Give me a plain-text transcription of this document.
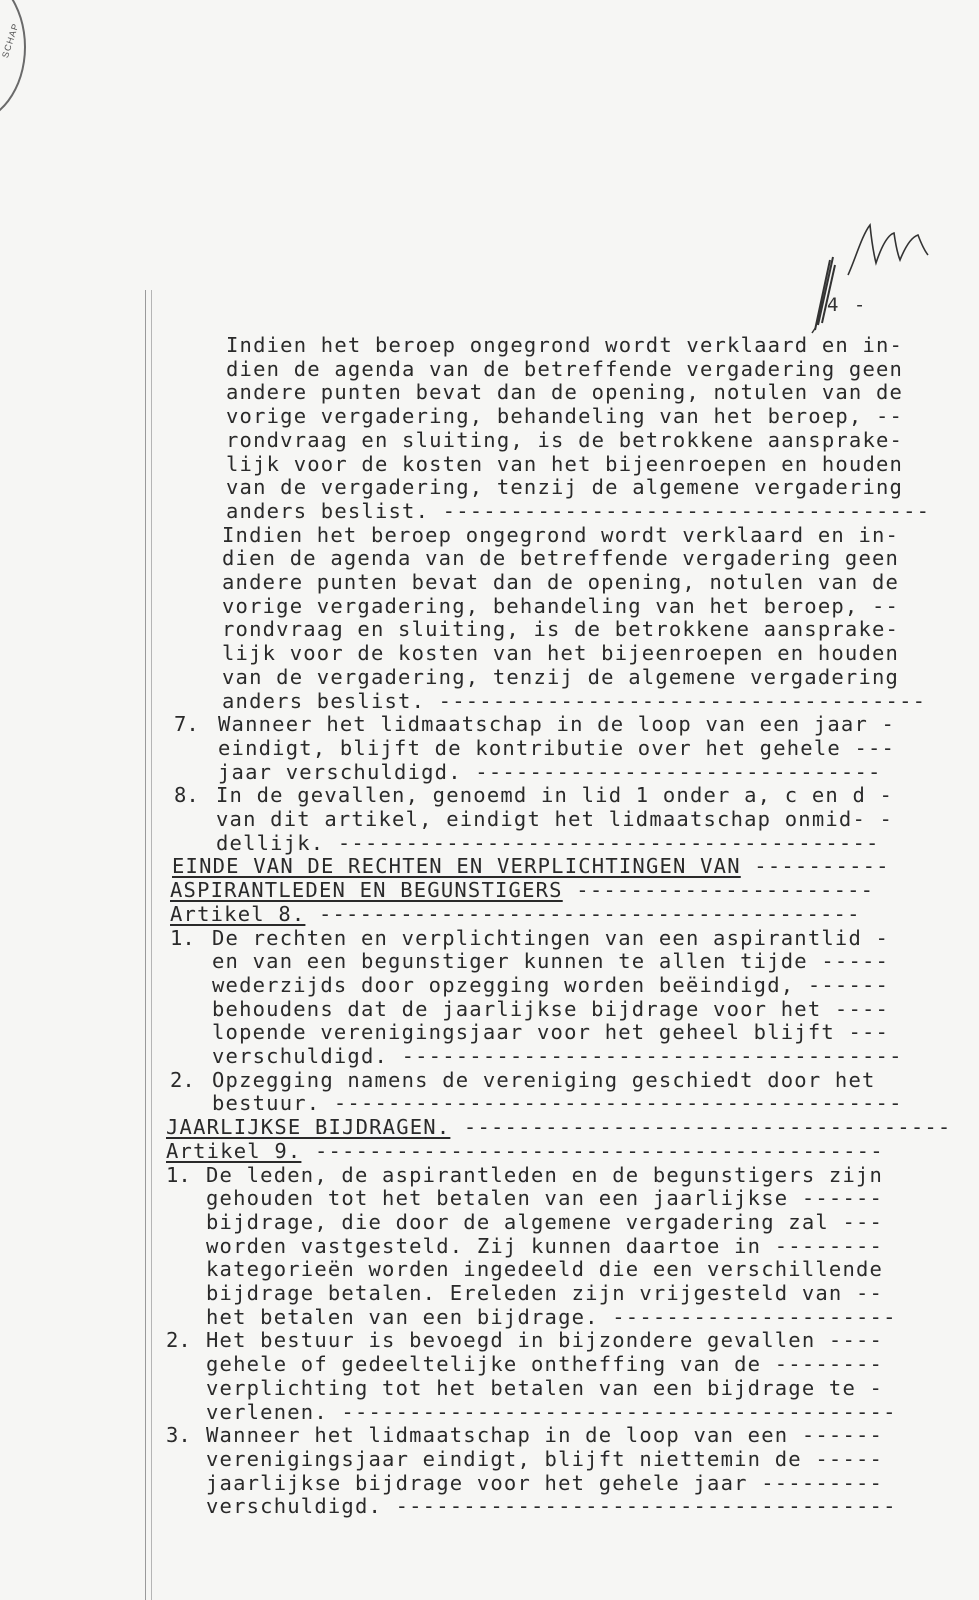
SCHAP
4 -
Indien het beroep ongegrond wordt verklaard en in-
dien de agenda van de betreffende vergadering geen
andere punten bevat dan de opening, notulen van de
vorige vergadering, behandeling van het beroep, --
rondvraag en sluiting, is de betrokkene aansprake-
lijk voor de kosten van het bijeenroepen en houden
van de vergadering, tenzij de algemene vergadering
anders beslist. ------------------------------------
Indien het beroep ongegrond wordt verklaard en in-
dien de agenda van de betreffende vergadering geen
andere punten bevat dan de opening, notulen van de
vorige vergadering, behandeling van het beroep, --
rondvraag en sluiting, is de betrokkene aansprake-
lijk voor de kosten van het bijeenroepen en houden
van de vergadering, tenzij de algemene vergadering
anders beslist. ------------------------------------
7. Wanneer het lidmaatschap in de loop van een jaar -
eindigt, blijft de kontributie over het gehele ---
jaar verschuldigd. ------------------------------
8. In de gevallen, genoemd in lid 1 onder a, c en d -
van dit artikel, eindigt het lidmaatschap onmid- -
dellijk. ----------------------------------------
EINDE VAN DE RECHTEN EN VERPLICHTINGEN VAN ----------
ASPIRANTLEDEN EN BEGUNSTIGERS ----------------------
Artikel 8. ----------------------------------------
1. De rechten en verplichtingen van een aspirantlid -
en van een begunstiger kunnen te allen tijde -----
wederzijds door opzegging worden beëindigd, ------
behoudens dat de jaarlijkse bijdrage voor het ----
lopende verenigingsjaar voor het geheel blijft ---
verschuldigd. -------------------------------------
2. Opzegging namens de vereniging geschiedt door het
bestuur. ------------------------------------------
JAARLIJKSE BIJDRAGEN. ------------------------------------
Artikel 9. ------------------------------------------
1. De leden, de aspirantleden en de begunstigers zijn
gehouden tot het betalen van een jaarlijkse ------
bijdrage, die door de algemene vergadering zal ---
worden vastgesteld. Zij kunnen daartoe in --------
kategorieën worden ingedeeld die een verschillende
bijdrage betalen. Ereleden zijn vrijgesteld van --
het betalen van een bijdrage. ---------------------
2. Het bestuur is bevoegd in bijzondere gevallen ----
gehele of gedeeltelijke ontheffing van de --------
verplichting tot het betalen van een bijdrage te -
verlenen. -----------------------------------------
3. Wanneer het lidmaatschap in de loop van een ------
verenigingsjaar eindigt, blijft niettemin de -----
jaarlijkse bijdrage voor het gehele jaar ---------
verschuldigd. -------------------------------------
